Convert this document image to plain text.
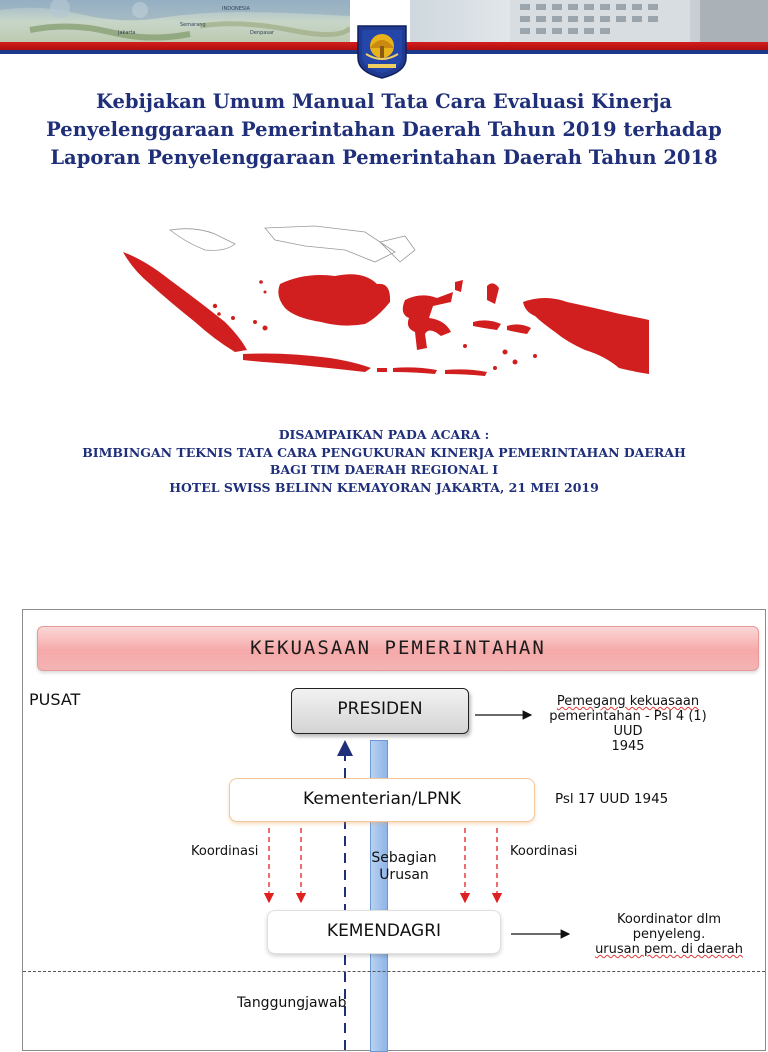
INDONESIA
Jakarta	Denpasar
Semarang
Kebijakan Umum Manual Tata Cara Evaluasi Kinerja
Penyelenggaraan Pemerintahan Daerah Tahun 2019 terhadap
Laporan Penyelenggaraan Pemerintahan Daerah Tahun 2018
DISAMPAIKAN PADA ACARA :
BIMBINGAN TEKNIS TATA CARA PENGUKURAN KINERJA PEMERINTAHAN DAERAH
BAGI TIM DAERAH REGIONAL I
HOTEL SWISS BELINN KEMAYORAN JAKARTA, 21 MEI 2019
KEKUASAAN PEMERINTAHAN
PUSAT	PRESIDEN
Kementerian/LPNK
KEMENDAGRI
Pemegang kekuasaan
pemerintahan - Psl 4 (1) UUD
1945
Psl 17 UUD 1945
Koordinator dlm penyeleng.
urusan pem. di daerah
Koordinasi	Koordinasi
Sebagian
Urusan
Tanggungjawab
